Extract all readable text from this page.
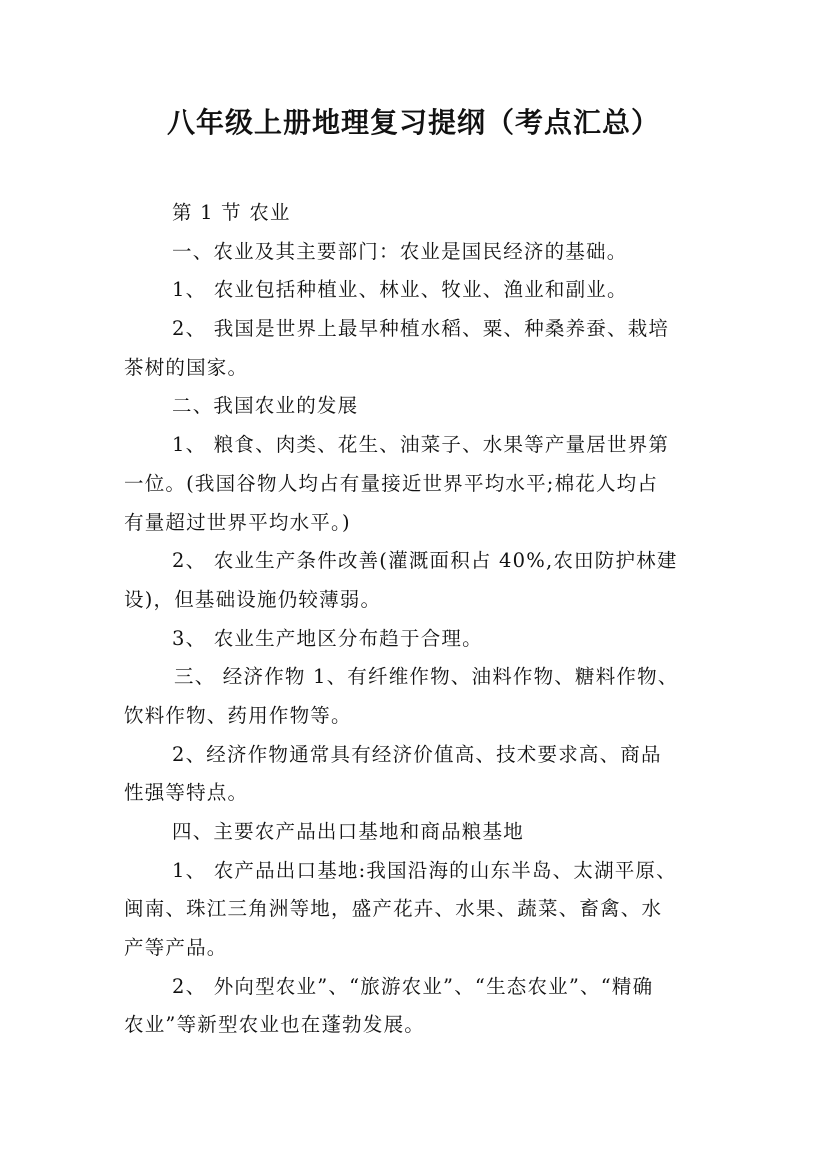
八年级上册地理复习提纲（考点汇总）
第 1 节 农业
一、农业及其主要部门：农业是国民经济的基础。
1、 农业包括种植业、林业、牧业、渔业和副业。
2、 我国是世界上最早种植水稻、粟、种桑养蚕、栽培
茶树的国家。
二、我国农业的发展
1、 粮食、肉类、花生、油菜子、水果等产量居世界第
一位。(我国谷物人均占有量接近世界平均水平;棉花人均占
有量超过世界平均水平。)
2、 农业生产条件改善(灌溉面积占 40%,农田防护林建
设)，但基础设施仍较薄弱。
3、 农业生产地区分布趋于合理。
三、 经济作物 1、有纤维作物、油料作物、糖料作物、
饮料作物、药用作物等。
2、经济作物通常具有经济价值高、技术要求高、商品
性强等特点。
四、主要农产品出口基地和商品粮基地
1、 农产品出口基地:我国沿海的山东半岛、太湖平原、
闽南、珠江三角洲等地，盛产花卉、水果、蔬菜、畜禽、水
产等产品。
2、 外向型农业”、“旅游农业”、“生态农业”、“精确
农业”等新型农业也在蓬勃发展。
